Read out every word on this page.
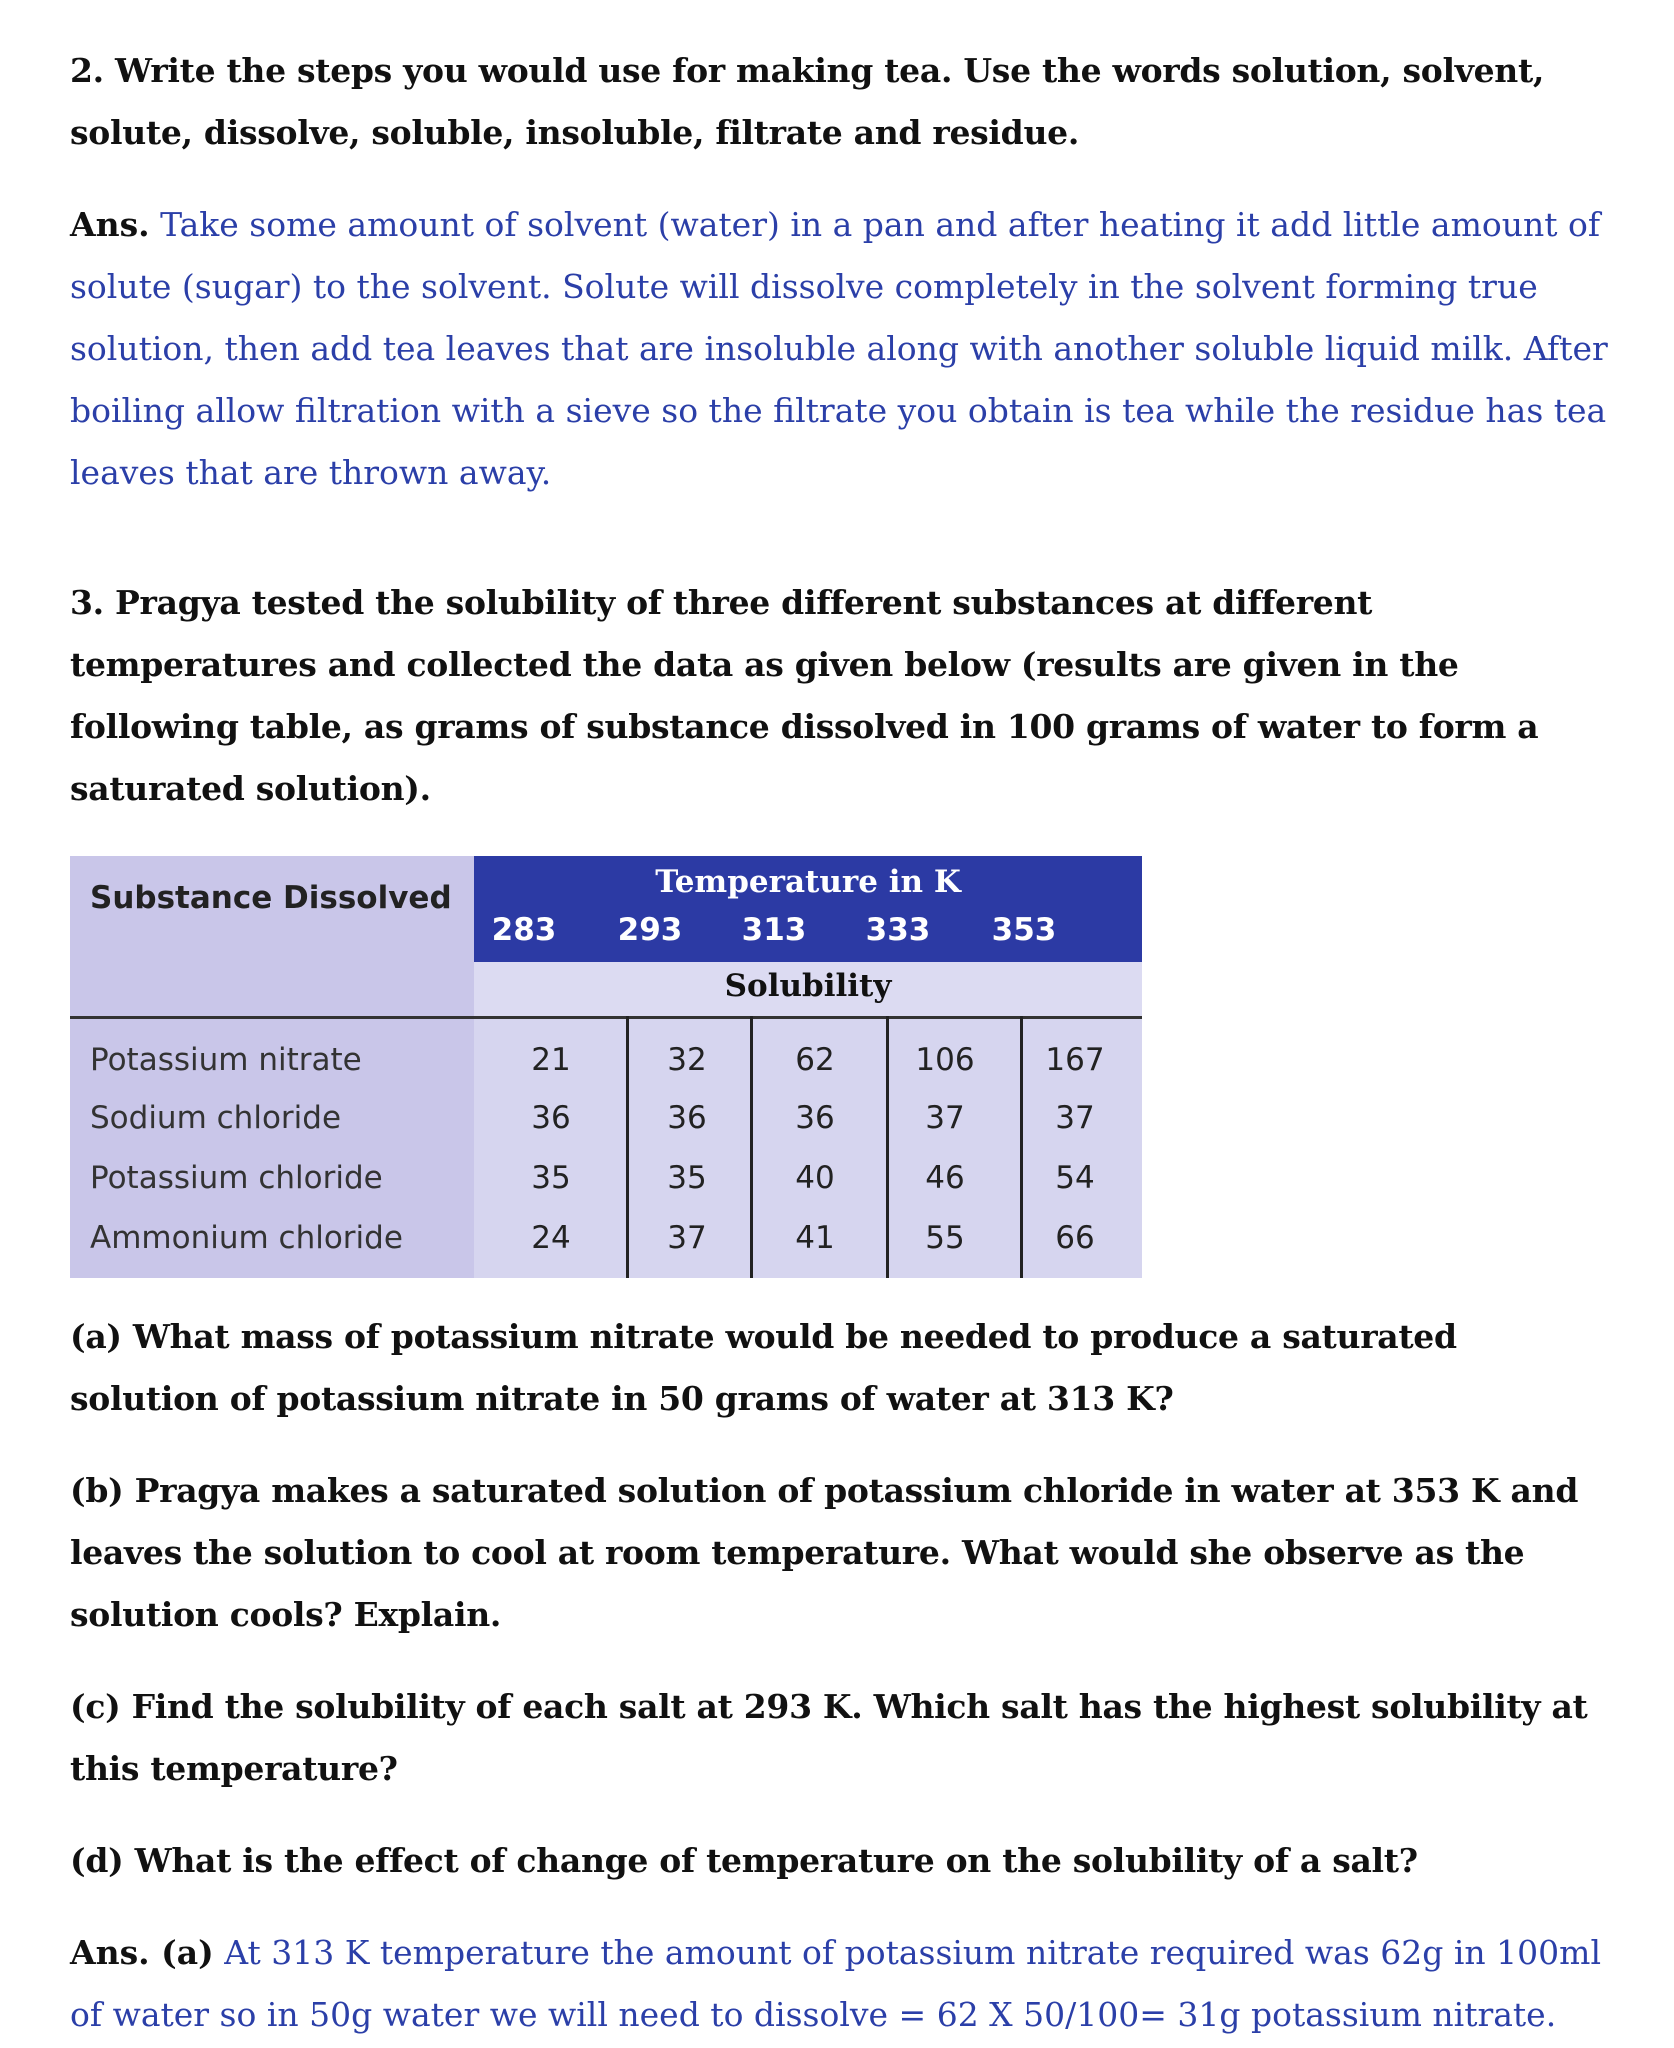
2. Write the steps you would use for making tea. Use the words solution, solvent, solute, dissolve, soluble, insoluble, filtrate and residue.

Ans. Take some amount of solvent (water) in a pan and after heating it add little amount of solute (sugar) to the solvent. Solute will dissolve completely in the solvent forming true solution, then add tea leaves that are insoluble along with another soluble liquid milk. After boiling allow filtration with a sieve so the filtrate you obtain is tea while the residue has tea leaves that are thrown away.

3. Pragya tested the solubility of three different substances at different temperatures and collected the data as given below (results are given in the following table, as grams of substance dissolved in 100 grams of water to form a saturated solution).

Substance Dissolved	Temperature in K
283	293	313	333	353
Solubility
Potassium nitrate	21	32	62	106	167
Sodium chloride	36	36	36	37	37
Potassium chloride	35	35	40	46	54
Ammonium chloride	24	37	41	55	66

(a) What mass of potassium nitrate would be needed to produce a saturated solution of potassium nitrate in 50 grams of water at 313 K?

(b) Pragya makes a saturated solution of potassium chloride in water at 353 K and leaves the solution to cool at room temperature. What would she observe as the solution cools? Explain.

(c) Find the solubility of each salt at 293 K. Which salt has the highest solubility at this temperature?

(d) What is the effect of change of temperature on the solubility of a salt?

Ans. (a) At 313 K temperature the amount of potassium nitrate required was 62g in 100ml of water so in 50g water we will need to dissolve = 62 X 50/100= 31g potassium nitrate.
